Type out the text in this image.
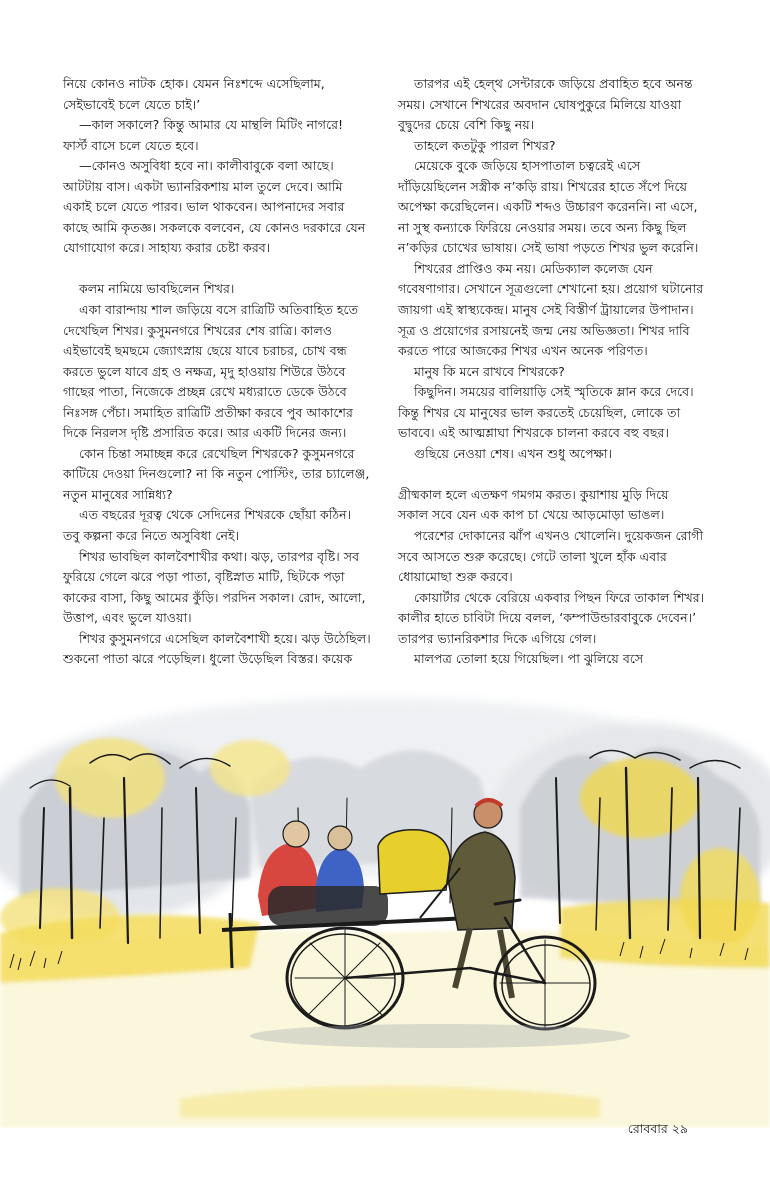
নিয়ে কোনও নাটক হোক। যেমন নিঃশব্দে এসেছিলাম,
সেইভাবেই চলে যেতে চাই।’

—কাল সকালে? কিন্তু আমার যে মান্থলি মিটিং নাগরে!
ফার্স্ট বাসে চলে যেতে হবে।

—কোনও অসুবিধা হবে না। কালীবাবুকে বলা আছে।
আটটায় বাস। একটা ভ্যানরিকশায় মাল তুলে দেবে। আমি
একাই চলে যেতে পারব। ভাল থাকবেন। আপনাদের সবার
কাছে আমি কৃতজ্ঞ। সকলকে বলবেন, যে কোনও দরকারে যেন
যোগাযোগ করে। সাহায্য করার চেষ্টা করব।

কলম নামিয়ে ভাবছিলেন শিখর।

একা বারান্দায় শাল জড়িয়ে বসে রাত্রিটি অতিবাহিত হতে
দেখেছিল শিখর। কুসুমনগরে শিখরের শেষ রাত্রি। কালও
এইভাবেই ছমছমে জ্যোৎস্নায় ছেয়ে যাবে চরাচর, চোখ বন্ধ
করতে ভুলে যাবে গ্রহ ও নক্ষত্র, মৃদু হাওয়ায় শিউরে উঠবে
গাছের পাতা, নিজেকে প্রচ্ছন্ন রেখে মধ্যরাতে ডেকে উঠবে
নিঃসঙ্গ পেঁচা। সমাহিত রাত্রিটি প্রতীক্ষা করবে পুব আকাশের
দিকে নিরলস দৃষ্টি প্রসারিত করে। আর একটি দিনের জন্য।

কোন চিন্তা সমাচ্ছন্ন করে রেখেছিল শিখরকে? কুসুমনগরে
কাটিয়ে দেওয়া দিনগুলো? না কি নতুন পোস্টিং, তার চ্যালেঞ্জ,
নতুন মানুষের সান্নিধ্য?

এত বছরের দূরত্ব থেকে সেদিনের শিখরকে ছোঁয়া কঠিন।
তবু কল্পনা করে নিতে অসুবিধা নেই।

শিখর ভাবছিল কালবৈশাখীর কথা। ঝড়, তারপর বৃষ্টি। সব
ফুরিয়ে গেলে ঝরে পড়া পাতা, বৃষ্টিস্নাত মাটি, ছিটকে পড়া
কাকের বাসা, কিছু আমের কুঁড়ি। পরদিন সকাল। রোদ, আলো,
উত্তাপ, এবং ভুলে যাওয়া।

শিখর কুসুমনগরে এসেছিল কালবৈশাখী হয়ে। ঝড় উঠেছিল।
শুকনো পাতা ঝরে পড়েছিল। ধুলো উড়েছিল বিস্তর। কয়েক

তারপর এই হেল্‌থ সেন্টারকে জড়িয়ে প্রবাহিত হবে অনন্ত
সময়। সেখানে শিখরের অবদান ঘোষপুকুরে মিলিয়ে যাওয়া
বুদ্বুদের চেয়ে বেশি কিছু নয়।

তাহলে কতটুকু পারল শিখর?

মেয়েকে বুকে জড়িয়ে হাসপাতাল চত্বরেই এসে
দাঁড়িয়েছিলেন সস্ত্রীক ন’কড়ি রায়। শিখরের হাতে সঁপে দিয়ে
অপেক্ষা করেছিলেন। একটি শব্দও উচ্চারণ করেননি। না এসে,
না সুস্থ কন্যাকে ফিরিয়ে নেওয়ার সময়। তবে অন্য কিছু ছিল
ন’কড়ির চোখের ভাষায়। সেই ভাষা পড়তে শিখর ভুল করেনি।

শিখরের প্রাপ্তিও কম নয়। মেডিক্যাল কলেজ যেন
গবেষণাগার। সেখানে সূত্রগুলো শেখানো হয়। প্রয়োগ ঘটানোর
জায়গা এই স্বাস্থ্যকেন্দ্র। মানুষ সেই বিস্তীর্ণ ট্রায়ালের উপাদান।
সূত্র ও প্রয়োগের রসায়নেই জন্ম নেয় অভিজ্ঞতা। শিখর দাবি
করতে পারে আজকের শিখর এখন অনেক পরিণত।

মানুষ কি মনে রাখবে শিখরকে?

কিছুদিন। সময়ের বালিয়াড়ি সেই স্মৃতিকে ম্লান করে দেবে।
কিন্তু শিখর যে মানুষের ভাল করতেই চেয়েছিল, লোকে তা
ভাববে। এই আত্মশ্লাঘা শিখরকে চালনা করবে বহু বছর।

গুছিয়ে নেওয়া শেষ। এখন শুধু অপেক্ষা।

গ্রীষ্মকাল হলে এতক্ষণ গমগম করত। কুয়াশায় মুড়ি দিয়ে
সকাল সবে যেন এক কাপ চা খেয়ে আড়মোড়া ভাঙল।

পরেশের দোকানের ঝাঁপ এখনও খোলেনি। দুয়েকজন রোগী
সবে আসতে শুরু করেছে। গেটে তালা খুলে হাঁক এবার
ধোয়ামোছা শুরু করবে।

কোয়ার্টার থেকে বেরিয়ে একবার পিছন ফিরে তাকাল শিখর।
কালীর হাতে চাবিটা দিয়ে বলল, ‘কম্পাউন্ডারবাবুকে দেবেন।’
তারপর ভ্যানরিকশার দিকে এগিয়ে গেল।

মালপত্র তোলা হয়ে গিয়েছিল। পা ঝুলিয়ে বসে

রোববার ২৯
